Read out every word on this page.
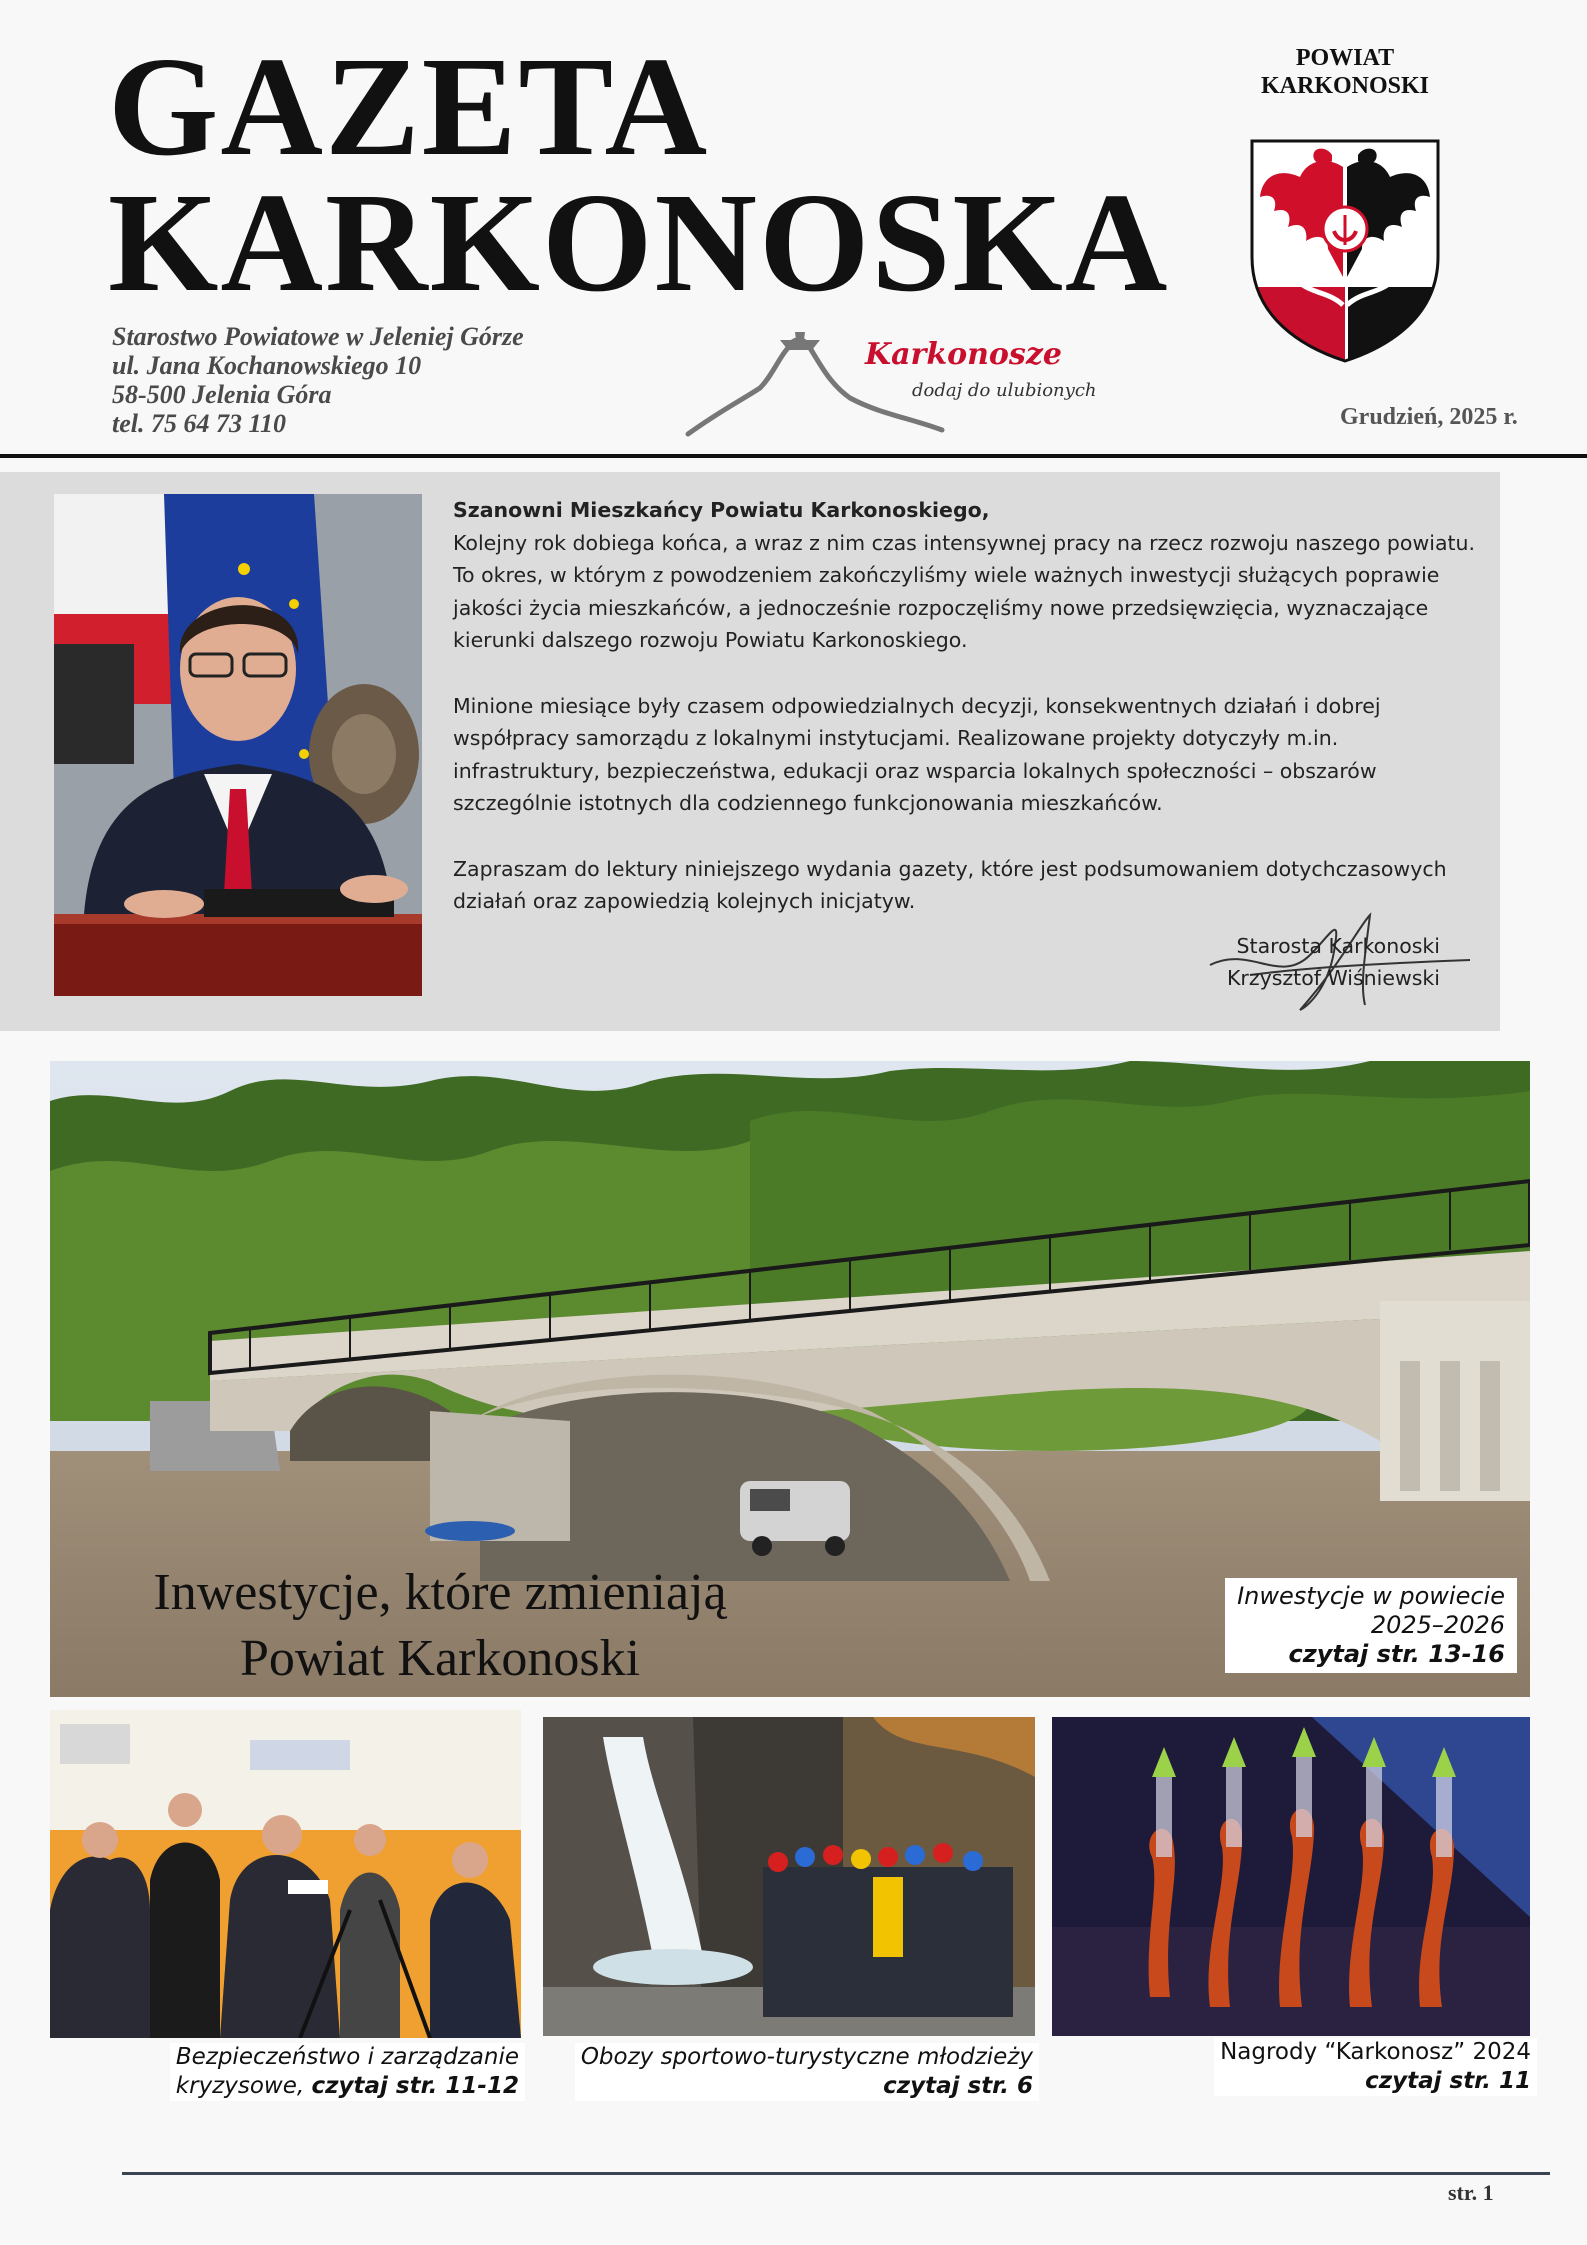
GAZETA
KARKONOSKA
Starostwo Powiatowe w Jeleniej Górze
ul. Jana Kochanowskiego 10
58-500 Jelenia Góra
tel. 75 64 73 110
Karkonosze
dodaj do ulubionych
POWIAT
KARKONOSKI
Grudzień, 2025 r.

Szanowni Mieszkańcy Powiatu Karkonoskiego,

Kolejny rok dobiega końca, a wraz z nim czas intensywnej pracy na rzecz rozwoju naszego powiatu. To okres, w którym z powodzeniem zakończyliśmy wiele ważnych inwestycji służących poprawie jakości życia mieszkańców, a jednocześnie rozpoczęliśmy nowe przedsięwzięcia, wyznaczające kierunki dalszego rozwoju Powiatu Karkonoskiego.

Minione miesiące były czasem odpowiedzialnych decyzji, konsekwentnych działań i dobrej współpracy samorządu z lokalnymi instytucjami. Realizowane projekty dotyczyły m.in. infrastruktury, bezpieczeństwa, edukacji oraz wsparcia lokalnych społeczności – obszarów szczególnie istotnych dla codziennego funkcjonowania mieszkańców.

Zapraszam do lektury niniejszego wydania gazety, które jest podsumowaniem dotychczasowych działań oraz zapowiedzią kolejnych inicjatyw.

Starosta Karkonoski
Krzysztof Wiśniewski
Inwestycje, które zmieniają
Powiat Karkonoski
Inwestycje w powiecie
2025–2026
czytaj str. 13-16
Bezpieczeństwo i zarządzanie
kryzysowe, czytaj str. 11-12
Obozy sportowo-turystyczne młodzieży
czytaj str. 6
Nagrody “Karkonosz” 2024
czytaj str. 11
str. 1
